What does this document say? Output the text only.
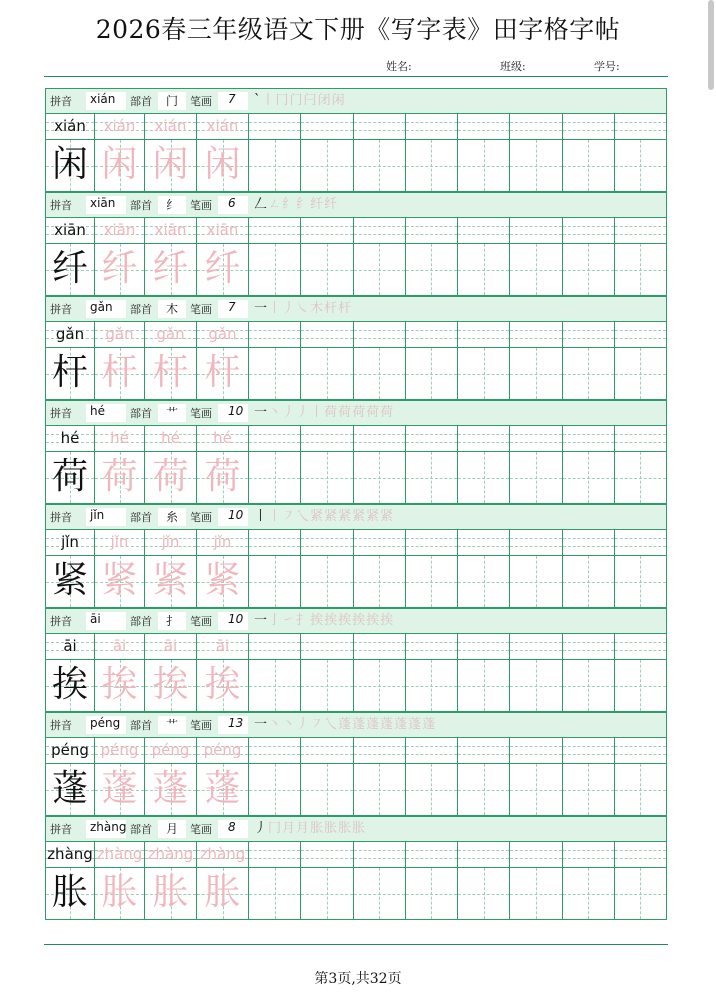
2026春三年级语文下册《写字表》田字格字帖
姓名:	班级:	学号:
拼音 xián 部首 门 笔画 7 `丨冂门闩闭闲
xián	xián	xián	xián
闲 闲 闲 闲
拼音 xiān 部首 纟 笔画 6 𠃋ㄥ纟纟纤纤
xiān	xiān	xiān	xiān
纤 纤 纤 纤
拼音 gǎn 部首 木 笔画 7 一丨丿㇏木杆杆
gǎn	gǎn	gǎn	gǎn
杆 杆 杆 杆
拼音 hé 部首 艹 笔画 10 一丶丿丿丨荷荷荷荷荷
hé	hé	hé	hé
荷 荷 荷 荷
拼音 jǐn 部首 糸 笔画 10 丨丨㇇乀紧紧紧紧紧紧
jǐn	jǐn	jǐn	jǐn
紧 紧 紧 紧
拼音 āi	部首 扌 笔画 10 一亅㇀扌挨挨挨挨挨挨
āi	āi	āi	āi
挨 挨 挨 挨
拼音 péng 部首 艹 笔画 13 一丶丶丿㇇乀蓬蓬蓬蓬蓬蓬蓬
péng péng péng péng
蓬 蓬 蓬 蓬
拼音 zhàng 部首 月 笔画 8 丿冂月月胀胀胀胀
zhàng zhàng zhàng zhàng
胀 胀 胀 胀
第3页,共32页
